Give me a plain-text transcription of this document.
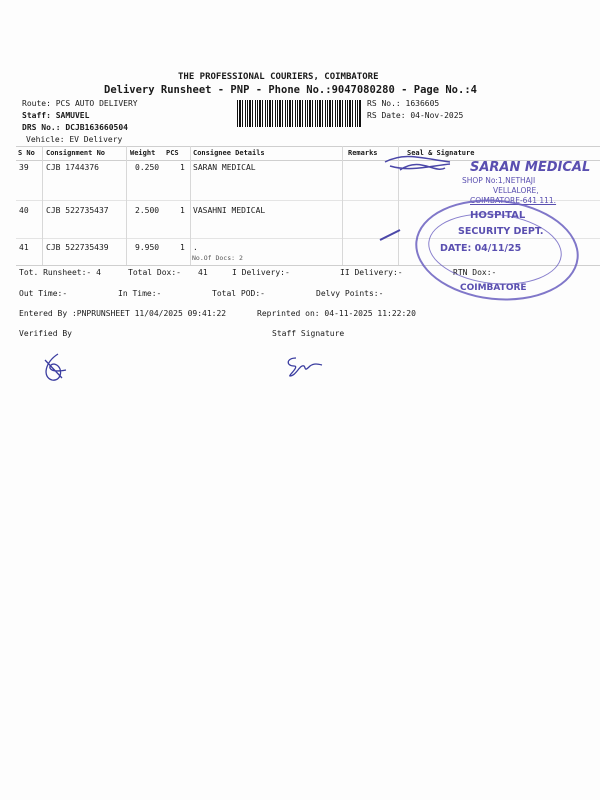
THE PROFESSIONAL COURIERS, COIMBATORE
Delivery Runsheet - PNP - Phone No.:9047080280 - Page No.:4
Route: PCS AUTO DELIVERY
Staff: SAMUVEL
DRS No.: DCJB163660504
Vehicle: EV Delivery
RS No.: 1636605
RS Date: 04-Nov-2025
S No Consignment No	Weight PCS Consignee Details	Remarks	Seal & Signature
39 CJB 1744376	0.250	1 SARAN MEDICAL
40 CJB 522735437	2.500	1 VASAHNI MEDICAL
41 CJB 522735439	9.950	1 .
No.Of Docs: 2
Tot. Runsheet:- 4	Total Dox:- 41	I Delivery:-	II Delivery:-	RTN Dox:-
Out Time:-	In Time:-	Total POD:-	Delvy Points:-
Entered By :PNPRUNSHEET 11/04/2025 09:41:22	Reprinted on: 04-11-2025 11:22:20
Verified By	Staff Signature
SARAN MEDICAL
SHOP No:1,NETHAJI
VELLALORE,
COIMBATORE-641 111.
HOSPITAL
SECURITY DEPT.
DATE: 04/11/25
COIMBATORE
